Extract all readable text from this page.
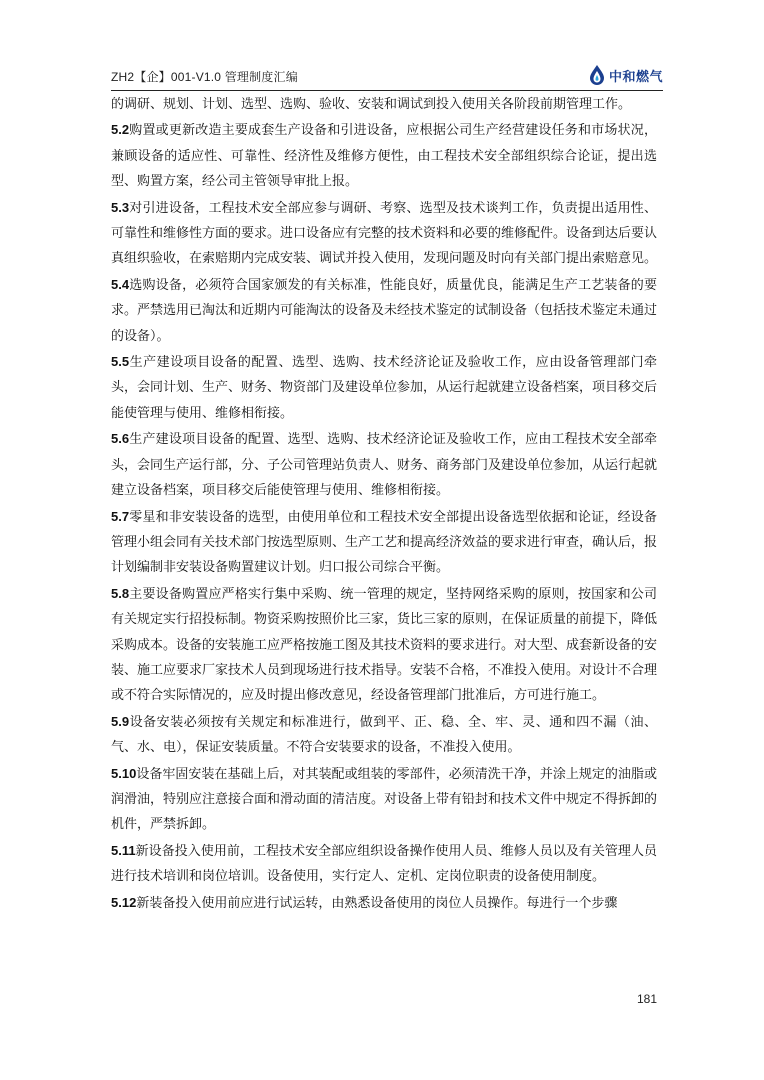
ZH2【企】001-V1.0 管理制度汇编	中和燃气

的调研、规划、计划、选型、选购、验收、安装和调试到投入使用关各阶段前期管理工作。

5.2购置或更新改造主要成套生产设备和引进设备，应根据公司生产经营建设任务和市场状况，兼顾设备的适应性、可靠性、经济性及维修方便性，由工程技术安全部组织综合论证，提出选型、购置方案，经公司主管领导审批上报。

5.3对引进设备，工程技术安全部应参与调研、考察、选型及技术谈判工作，负责提出适用性、可靠性和维修性方面的要求。进口设备应有完整的技术资料和必要的维修配件。设备到达后要认真组织验收，在索赔期内完成安装、调试并投入使用，发现问题及时向有关部门提出索赔意见。

5.4选购设备，必须符合国家颁发的有关标准，性能良好，质量优良，能满足生产工艺装备的要求。严禁选用已淘汰和近期内可能淘汰的设备及未经技术鉴定的试制设备（包括技术鉴定未通过的设备）。

5.5生产建设项目设备的配置、选型、选购、技术经济论证及验收工作，应由设备管理部门牵头，会同计划、生产、财务、物资部门及建设单位参加，从运行起就建立设备档案，项目移交后能使管理与使用、维修相衔接。

5.6生产建设项目设备的配置、选型、选购、技术经济论证及验收工作，应由工程技术安全部牵头，会同生产运行部，分、子公司管理站负责人、财务、商务部门及建设单位参加，从运行起就建立设备档案，项目移交后能使管理与使用、维修相衔接。

5.7零星和非安装设备的选型，由使用单位和工程技术安全部提出设备选型依据和论证，经设备管理小组会同有关技术部门按选型原则、生产工艺和提高经济效益的要求进行审查，确认后，报计划编制非安装设备购置建议计划。归口报公司综合平衡。

5.8主要设备购置应严格实行集中采购、统一管理的规定，坚持网络采购的原则，按国家和公司有关规定实行招投标制。物资采购按照价比三家，货比三家的原则，在保证质量的前提下，降低采购成本。设备的安装施工应严格按施工图及其技术资料的要求进行。对大型、成套新设备的安装、施工应要求厂家技术人员到现场进行技术指导。安装不合格，不准投入使用。对设计不合理或不符合实际情况的，应及时提出修改意见，经设备管理部门批准后，方可进行施工。

5.9设备安装必须按有关规定和标准进行，做到平、正、稳、全、牢、灵、通和四不漏（油、气、水、电），保证安装质量。不符合安装要求的设备，不准投入使用。

5.10设备牢固安装在基础上后，对其装配或组装的零部件，必须清洗干净，并涂上规定的油脂或润滑油，特别应注意接合面和滑动面的清洁度。对设备上带有铅封和技术文件中规定不得拆卸的机件，严禁拆卸。

5.11新设备投入使用前，工程技术安全部应组织设备操作使用人员、维修人员以及有关管理人员进行技术培训和岗位培训。设备使用，实行定人、定机、定岗位职责的设备使用制度。

5.12新装备投入使用前应进行试运转，由熟悉设备使用的岗位人员操作。每进行一个步骤

181
